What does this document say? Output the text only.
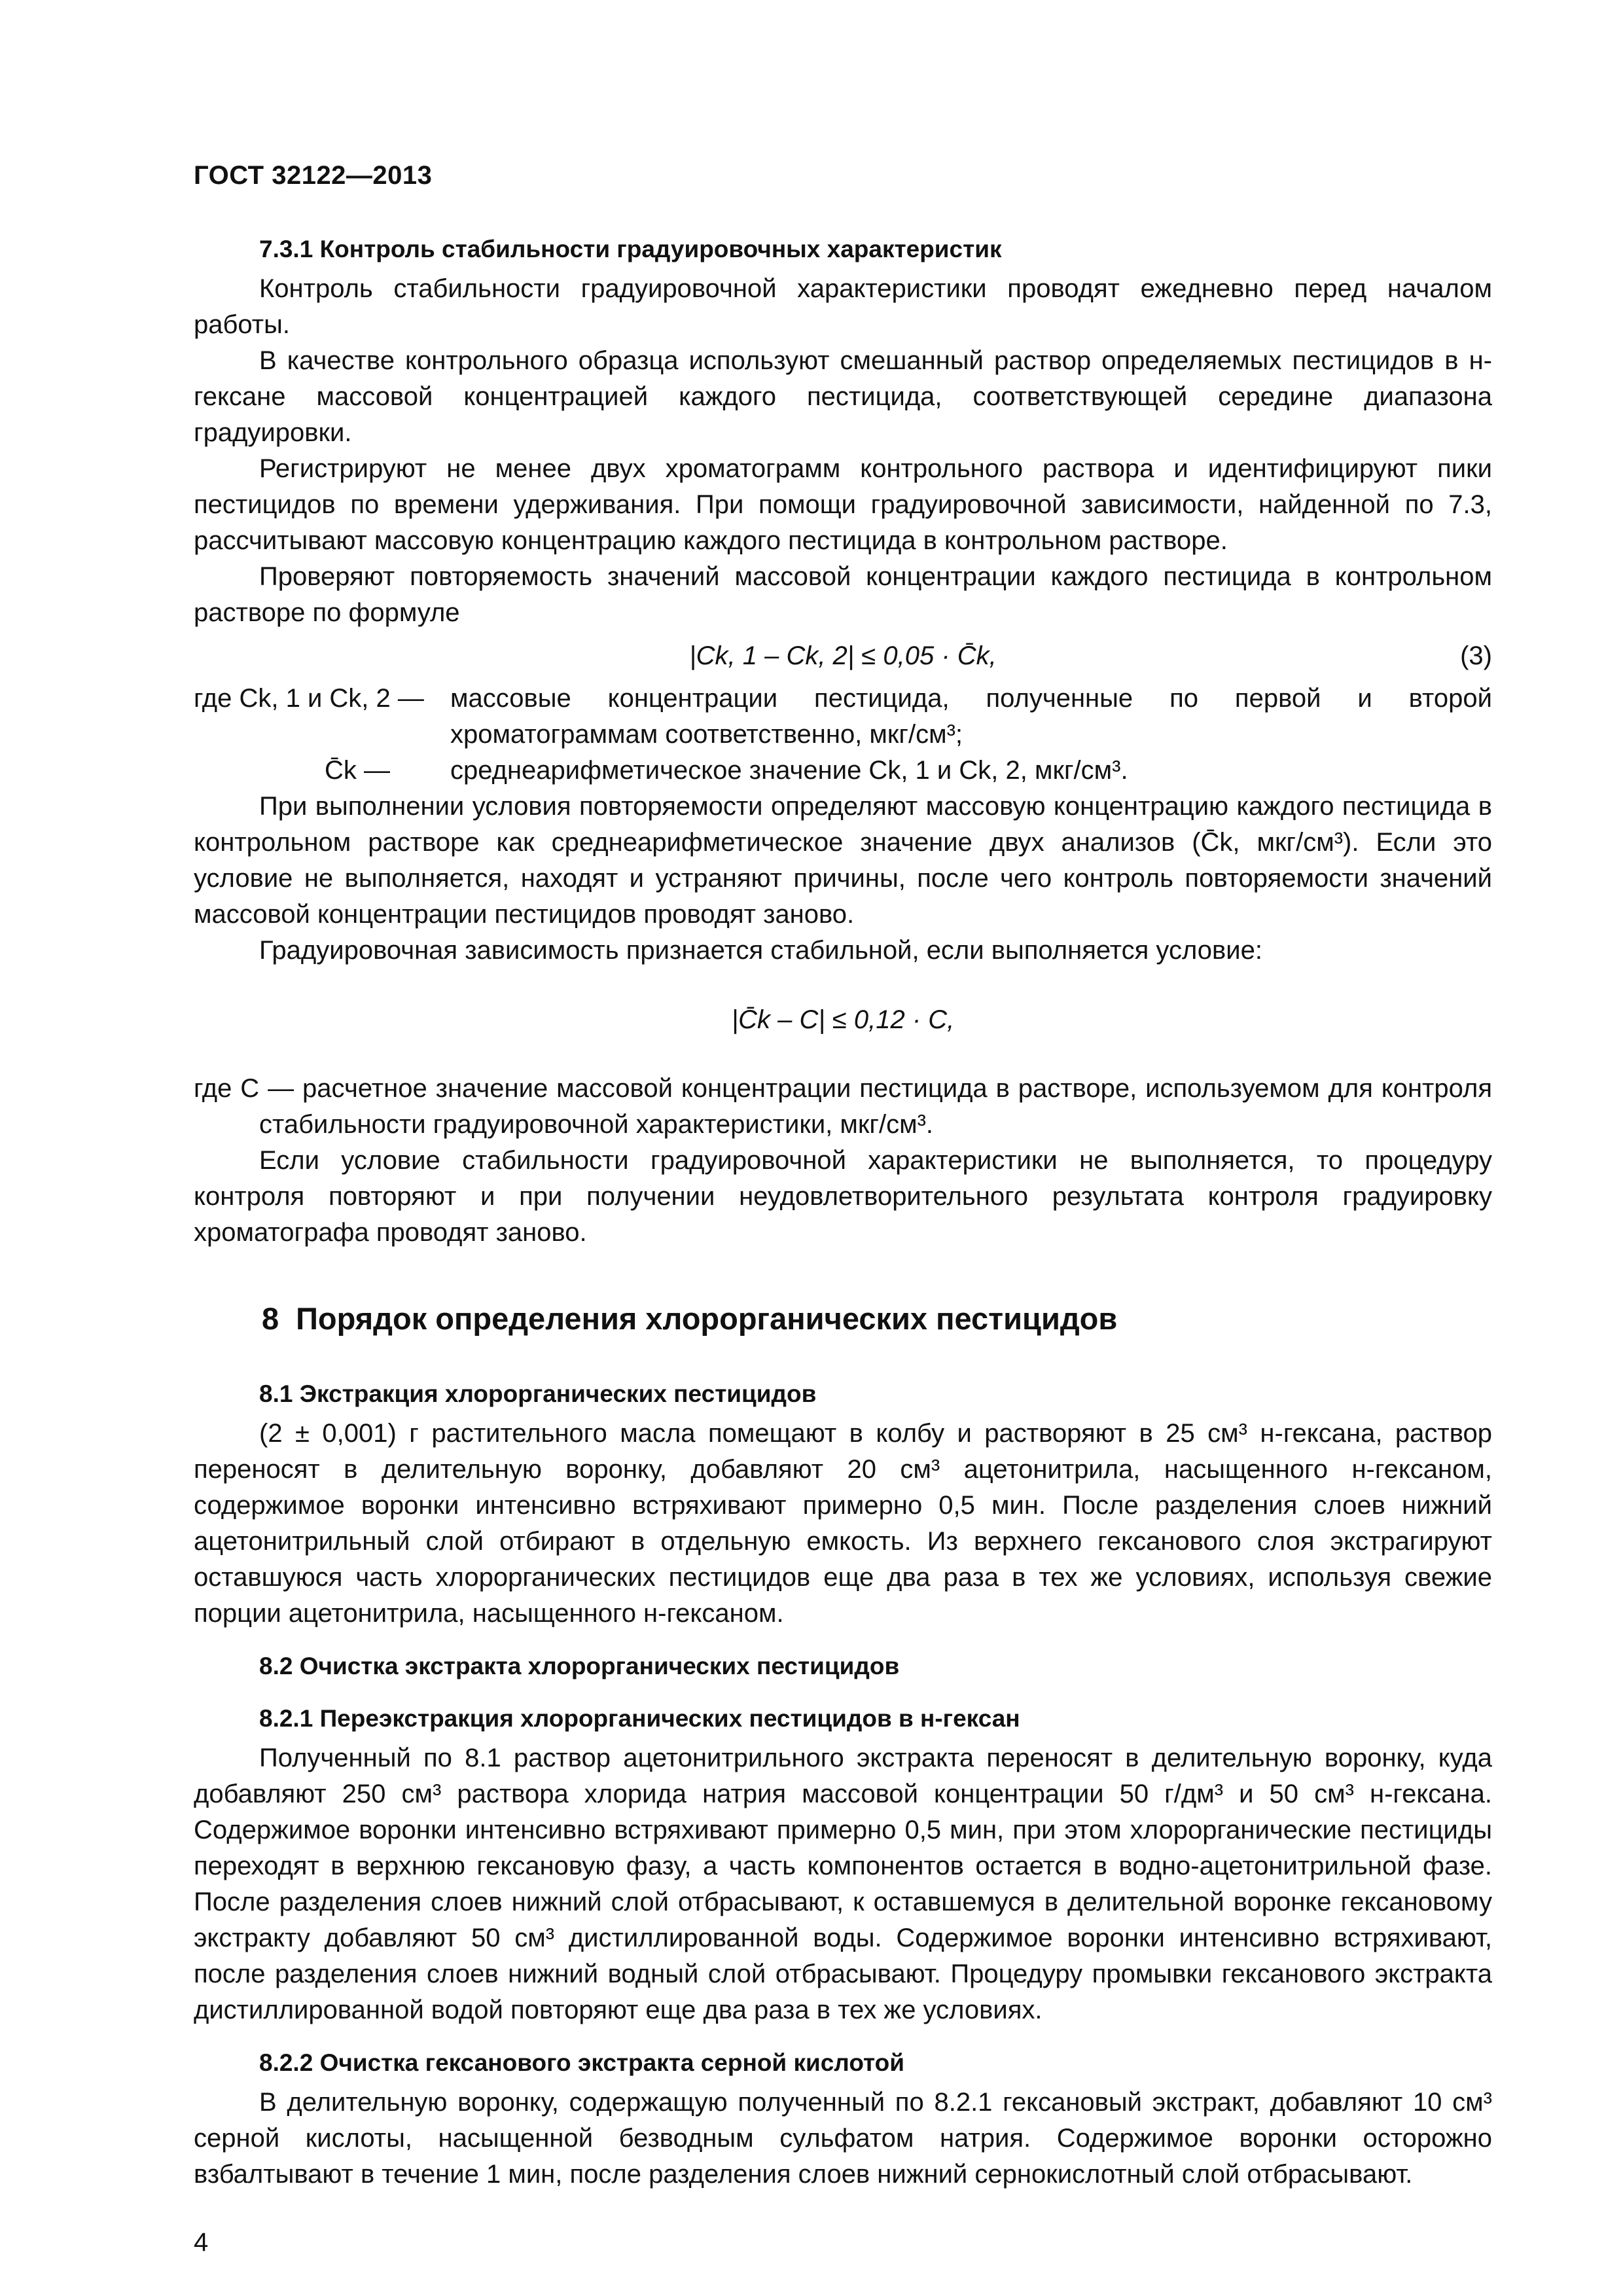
ГОСТ 32122—2013
7.3.1 Контроль стабильности градуировочных характеристик

Контроль стабильности градуировочной характеристики проводят ежедневно перед началом работы.

В качестве контрольного образца используют смешанный раствор определяемых пестицидов в н-гексане массовой концентрацией каждого пестицида, соответствующей середине диапазона градуировки.

Регистрируют не менее двух хроматограмм контрольного раствора и идентифицируют пики пестицидов по времени удерживания. При помощи градуировочной зависимости, найденной по 7.3, рассчитывают массовую концентрацию каждого пестицида в контрольном растворе.

Проверяют повторяемость значений массовой концентрации каждого пестицида в контрольном растворе по формуле

|Ck, 1 – Ck, 2| ≤ 0,05 · C̄k,	(3)
где Ck, 1 и Ck, 2 — массовые концентрации пестицида, полученные по первой и второй хроматограммам соответственно, мкг/см³;
C̄k — среднеарифметическое значение Ck, 1 и Ck, 2, мкг/см³.

При выполнении условия повторяемости определяют массовую концентрацию каждого пестицида в контрольном растворе как среднеарифметическое значение двух анализов (C̄k, мкг/см³). Если это условие не выполняется, находят и устраняют причины, после чего контроль повторяемости значений массовой концентрации пестицидов проводят заново.

Градуировочная зависимость признается стабильной, если выполняется условие:

|C̄k – C| ≤ 0,12 · C,
где C — расчетное значение массовой концентрации пестицида в растворе, используемом для контроля стабильности градуировочной характеристики, мкг/см³.

Если условие стабильности градуировочной характеристики не выполняется, то процедуру контроля повторяют и при получении неудовлетворительного результата контроля градуировку хроматографа проводят заново.

8 Порядок определения хлорорганических пестицидов
8.1 Экстракция хлорорганических пестицидов

(2 ± 0,001) г растительного масла помещают в колбу и растворяют в 25 см³ н-гексана, раствор переносят в делительную воронку, добавляют 20 см³ ацетонитрила, насыщенного н-гексаном, содержимое воронки интенсивно встряхивают примерно 0,5 мин. После разделения слоев нижний ацетонитрильный слой отбирают в отдельную емкость. Из верхнего гексанового слоя экстрагируют оставшуюся часть хлорорганических пестицидов еще два раза в тех же условиях, используя свежие порции ацетонитрила, насыщенного н-гексаном.

8.2 Очистка экстракта хлорорганических пестицидов
8.2.1 Переэкстракция хлорорганических пестицидов в н-гексан

Полученный по 8.1 раствор ацетонитрильного экстракта переносят в делительную воронку, куда добавляют 250 см³ раствора хлорида натрия массовой концентрации 50 г/дм³ и 50 см³ н-гексана. Содержимое воронки интенсивно встряхивают примерно 0,5 мин, при этом хлорорганические пестициды переходят в верхнюю гексановую фазу, а часть компонентов остается в водно-ацетонитрильной фазе. После разделения слоев нижний слой отбрасывают, к оставшемуся в делительной воронке гексановому экстракту добавляют 50 см³ дистиллированной воды. Содержимое воронки интенсивно встряхивают, после разделения слоев нижний водный слой отбрасывают. Процедуру промывки гексанового экстракта дистиллированной водой повторяют еще два раза в тех же условиях.

8.2.2 Очистка гексанового экстракта серной кислотой

В делительную воронку, содержащую полученный по 8.2.1 гексановый экстракт, добавляют 10 см³ серной кислоты, насыщенной безводным сульфатом натрия. Содержимое воронки осторожно взбалтывают в течение 1 мин, после разделения слоев нижний сернокислотный слой отбрасывают.

4
